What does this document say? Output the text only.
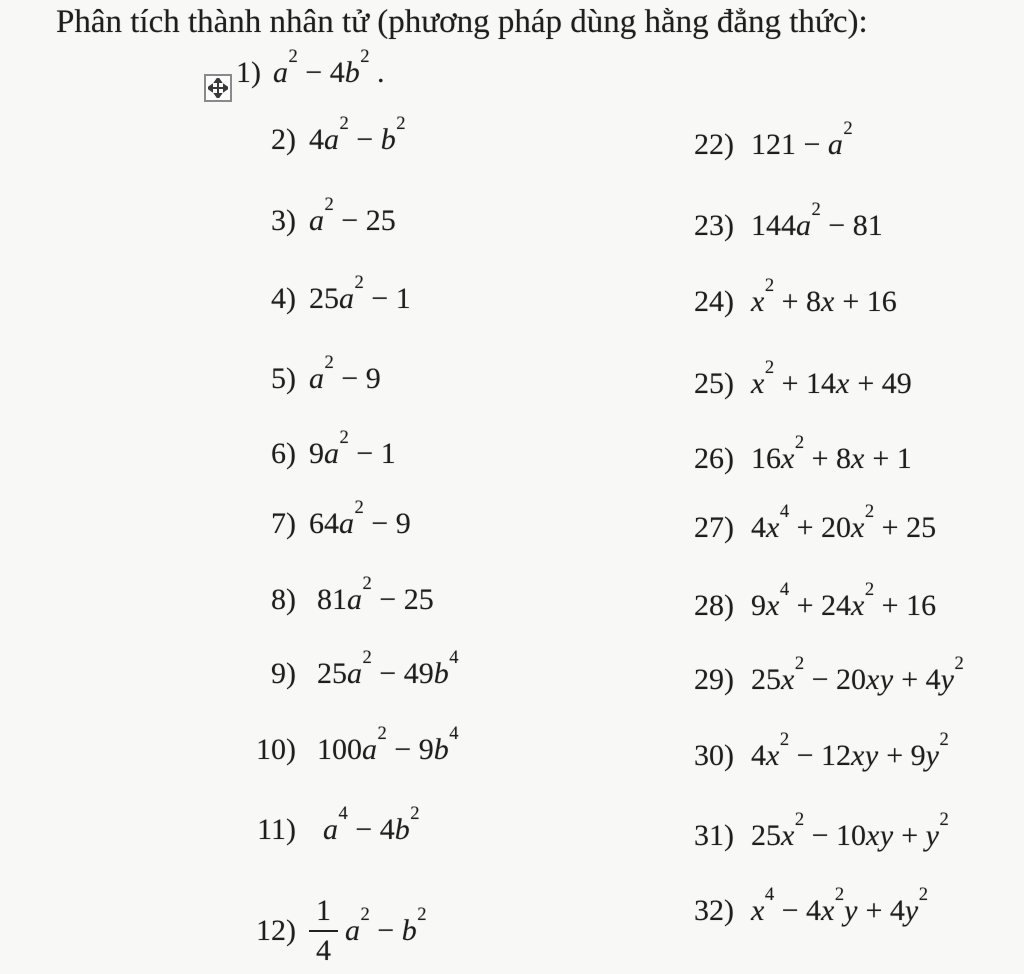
Phân tích thành nhân tử (phương pháp dùng hằng đẳng thức):
1) $a^2 - 4b^2$ .
2) $4a^2 - b^2$
3) $a^2 - 25$
4) $25a^2 - 1$
5) $a^2 - 9$
6) $9a^2 - 1$
7) $64a^2 - 9$
8) $81a^2 - 25$
9) $25a^2 - 49b^4$
10) $100a^2 - 9b^4$
11) $a^4 - 4b^2$
$12) \frac{1}{4} a^2 - b^2$
22) $121 - a^2$
23) $144a^2 - 81$
24) $x^2 + 8x + 16$
25) $x^2 + 14x + 49$
26) $16x^2 + 8x + 1$
27) $4x^4 + 20x^2 + 25$
28) $9x^4 + 24x^2 + 16$
29) $25x^2 - 20xy + 4y^2$
30) $4x^2 - 12xy + 9y^2$
31) $25x^2 - 10xy + y^2$
32) $x^4 - 4x^2y + 4y^2$
